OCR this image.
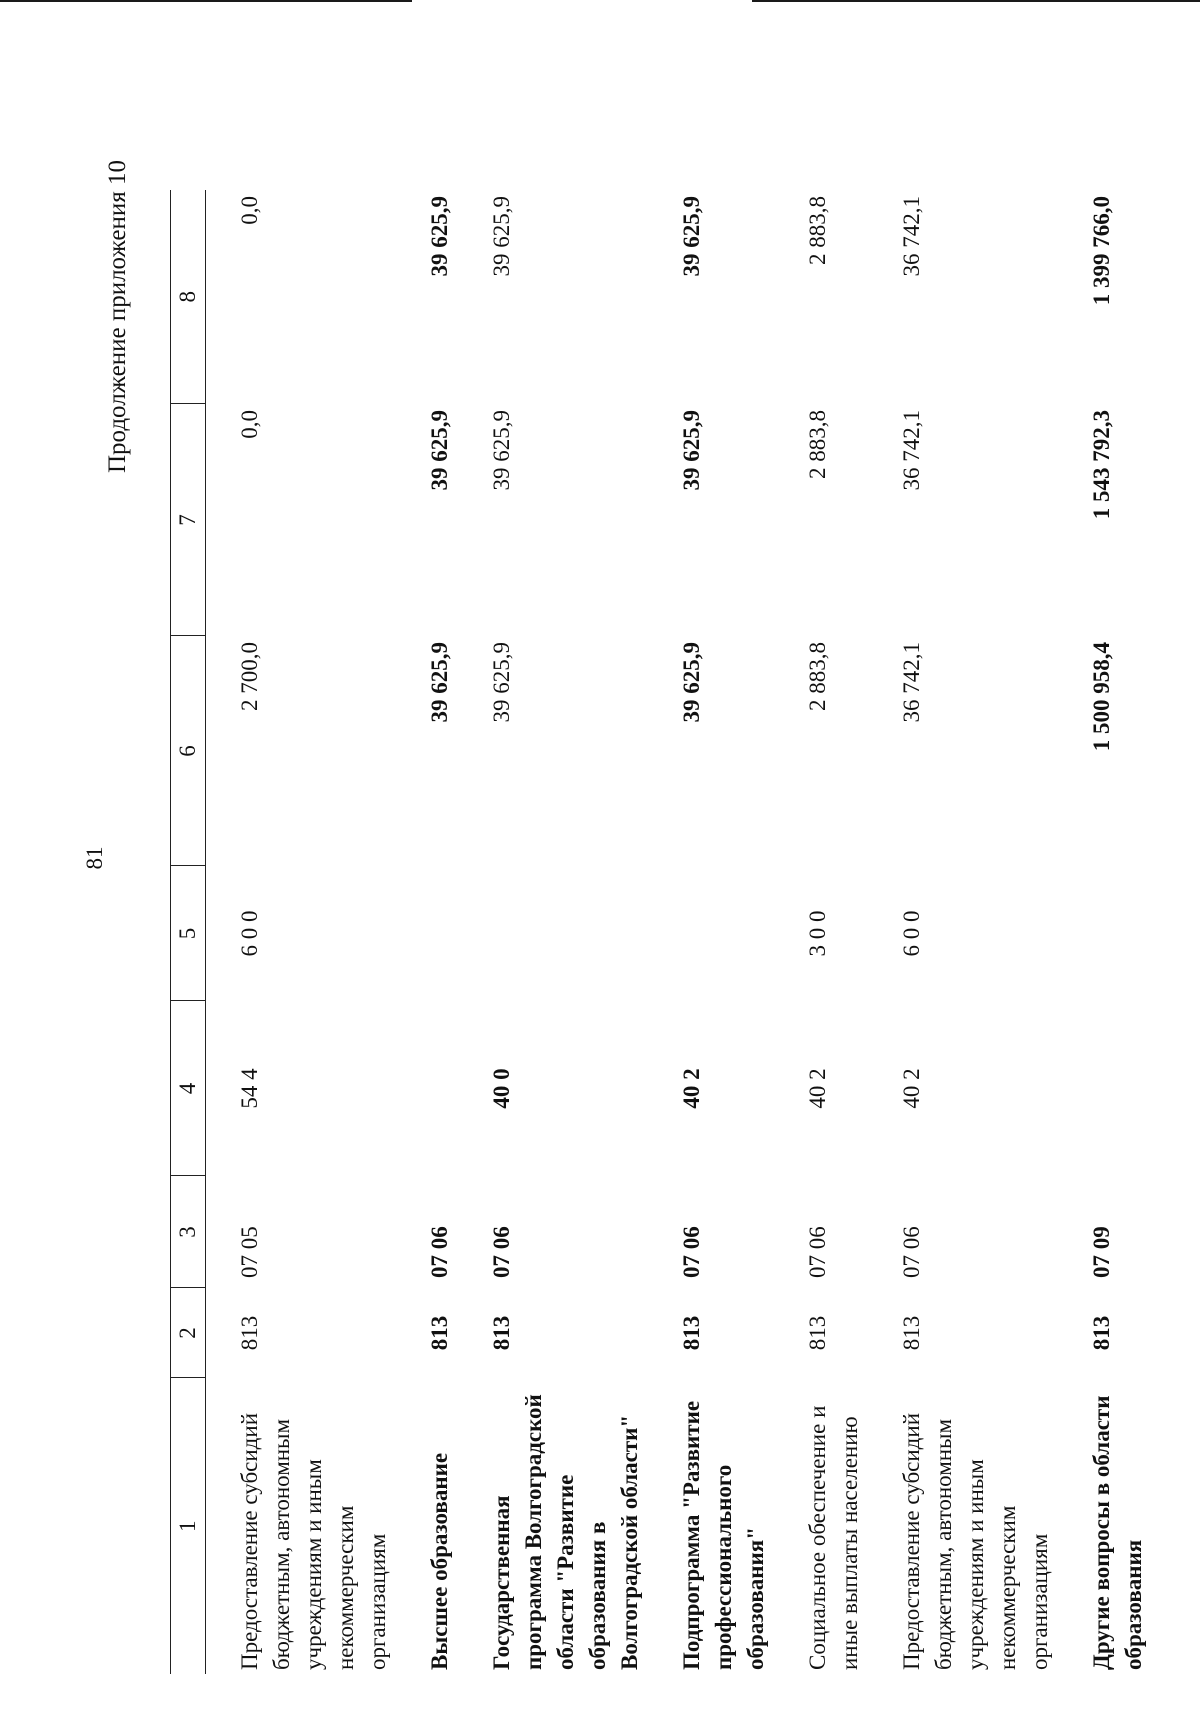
81
Продолжение приложения 10
1	2	3	4	5	6	7	8
Предоставление субсидий бюджетным, автономным учреждениям и иным некоммерческим организациям	813	07 05	54 4	6 0 0	2 700,0	0,0	0,0
Высшее образование	813	07 06			39 625,9	39 625,9	39 625,9
Государственная программа Волгоградской области "Развитие образования в Волгоградской области"	813	07 06	40 0		39 625,9	39 625,9	39 625,9
Подпрограмма "Развитие профессионального образования"	813	07 06	40 2		39 625,9	39 625,9	39 625,9
Социальное обеспечение и иные выплаты населению	813	07 06	40 2	3 0 0	2 883,8	2 883,8	2 883,8
Предоставление субсидий бюджетным, автономным учреждениям и иным некоммерческим организациям	813	07 06	40 2	6 0 0	36 742,1	36 742,1	36 742,1
Другие вопросы в области образования	813	07 09			1 500 958,4	1 543 792,3	1 399 766,0
